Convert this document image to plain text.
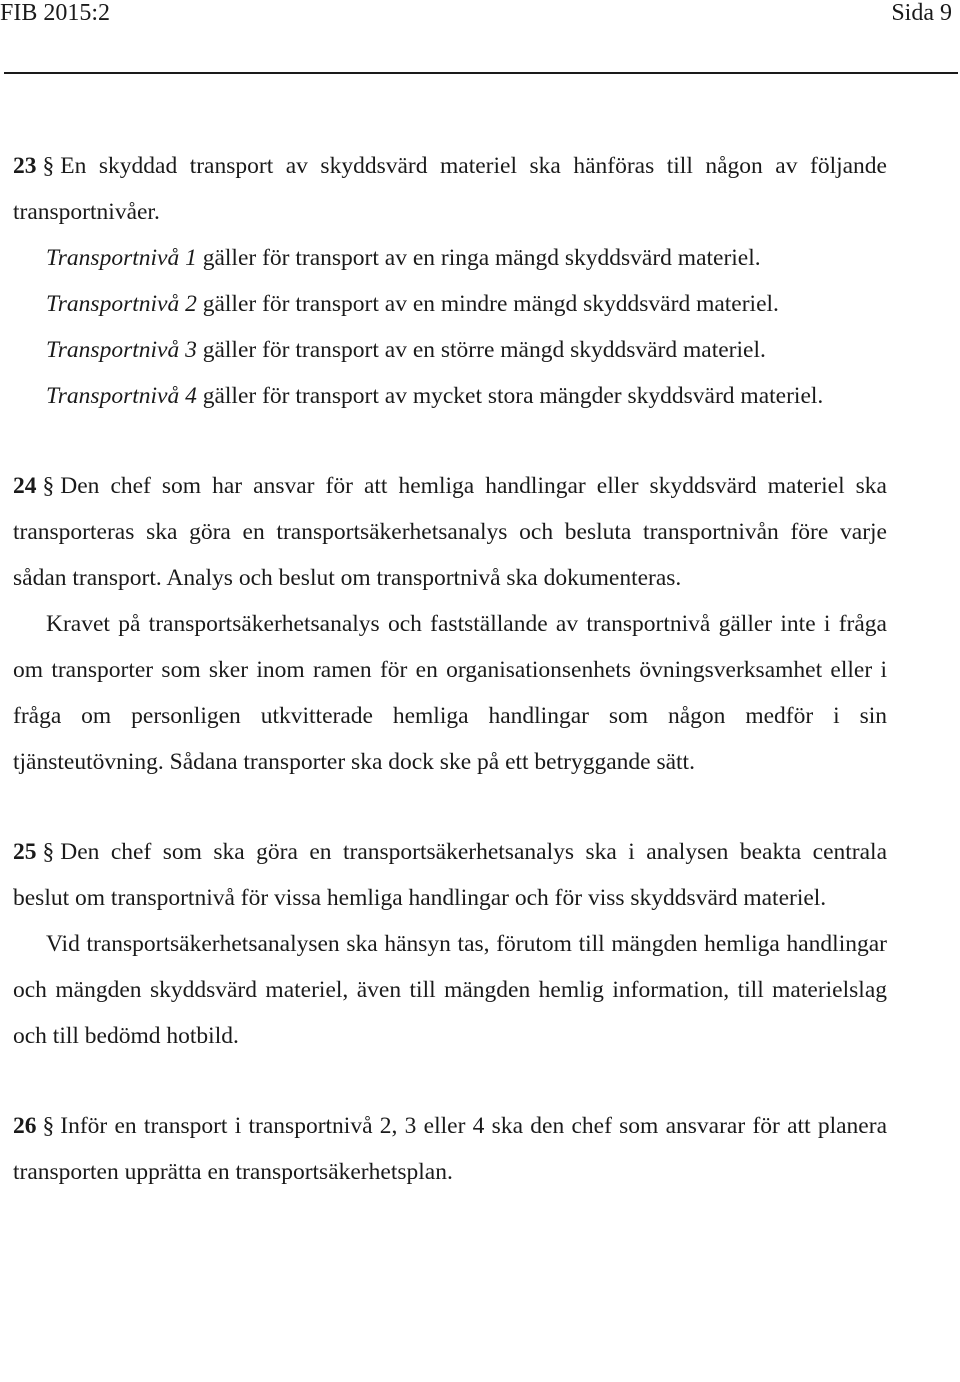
FIB 2015:2	Sida 9

23 § En skyddad transport av skyddsvärd materiel ska hänföras till någon av följande transportnivåer.

Transportnivå 1 gäller för transport av en ringa mängd skyddsvärd materiel.

Transportnivå 2 gäller för transport av en mindre mängd skyddsvärd materiel.

Transportnivå 3 gäller för transport av en större mängd skyddsvärd materiel.

Transportnivå 4 gäller för transport av mycket stora mängder skyddsvärd materiel.

24 § Den chef som har ansvar för att hemliga handlingar eller skyddsvärd materiel ska transporteras ska göra en transportsäkerhetsanalys och besluta transportnivån före varje sådan transport. Analys och beslut om transportnivå ska dokumenteras.

Kravet på transportsäkerhetsanalys och fastställande av transportnivå gäller inte i fråga om transporter som sker inom ramen för en organisationsenhets övningsverksamhet eller i fråga om personligen utkvitterade hemliga handlingar som någon medför i sin tjänsteutövning. Sådana transporter ska dock ske på ett betryggande sätt.

25 § Den chef som ska göra en transportsäkerhetsanalys ska i analysen beakta centrala beslut om transportnivå för vissa hemliga handlingar och för viss skyddsvärd materiel.

Vid transportsäkerhetsanalysen ska hänsyn tas, förutom till mängden hemliga handlingar och mängden skyddsvärd materiel, även till mängden hemlig information, till materielslag och till bedömd hotbild.

26 § Inför en transport i transportnivå 2, 3 eller 4 ska den chef som ansvarar för att planera transporten upprätta en transportsäkerhetsplan.
